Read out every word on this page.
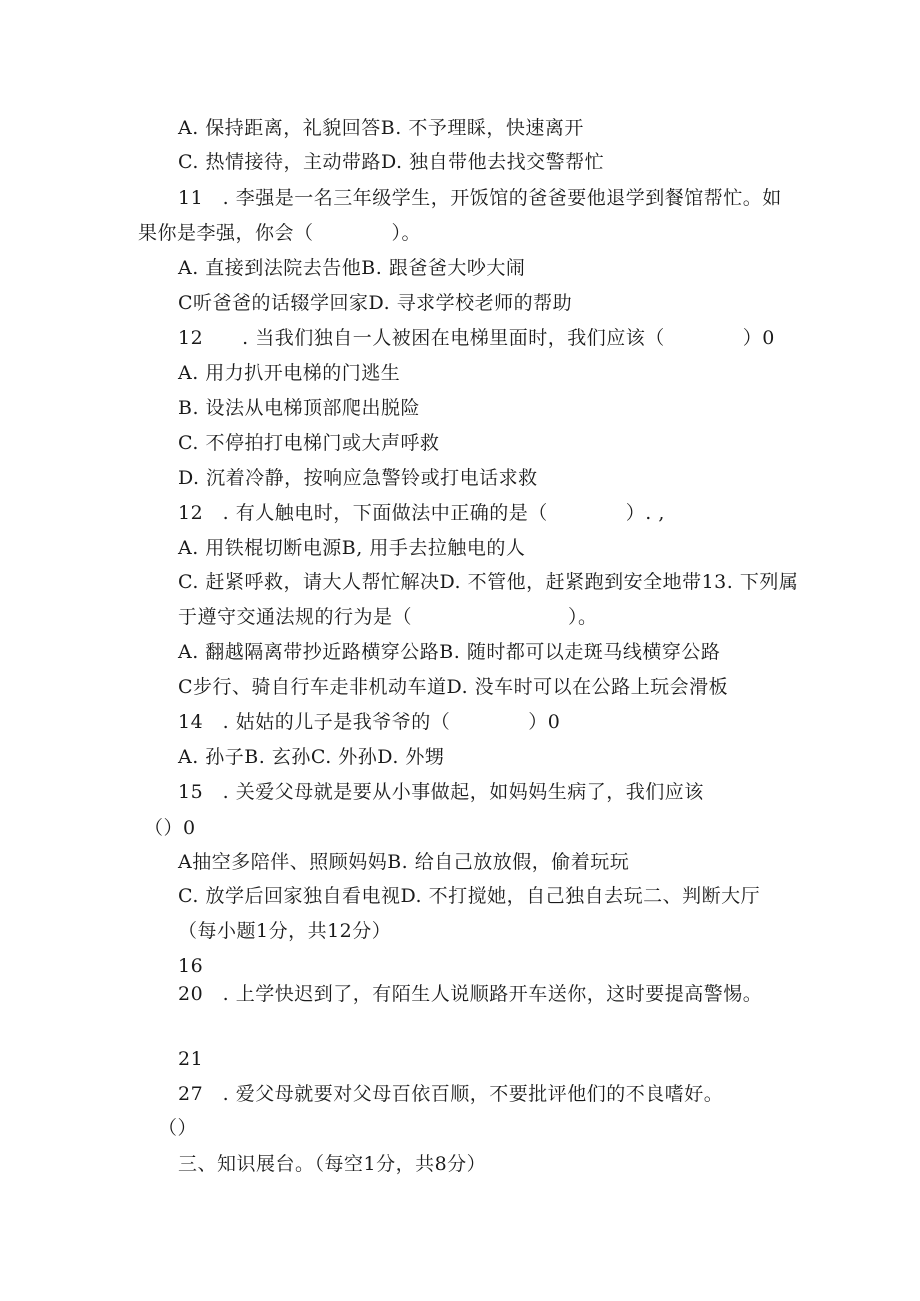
A. 保持距离，礼貌回答B. 不予理睬，快速离开
C. 热情接待，主动带路D. 独自带他去找交警帮忙
11　. 李强是一名三年级学生，开饭馆的爸爸要他退学到餐馆帮忙。如
果你是李强，你会（　　　　）。
A. 直接到法院去告他B. 跟爸爸大吵大闹
C听爸爸的话辍学回家D. 寻求学校老师的帮助
12　　. 当我们独自一人被困在电梯里面时，我们应该（　　　　）0
A. 用力扒开电梯的门逃生
B. 设法从电梯顶部爬出脱险
C. 不停拍打电梯门或大声呼救
D. 沉着冷静，按响应急警铃或打电话求救
12　. 有人触电时，下面做法中正确的是（　　　　）. ,
A. 用铁棍切断电源B, 用手去拉触电的人
C. 赶紧呼救，请大人帮忙解决D. 不管他，赶紧跑到安全地带13. 下列属
于遵守交通法规的行为是（　　　　　　　　）。
A. 翻越隔离带抄近路横穿公路B. 随时都可以走斑马线横穿公路
C步行、骑自行车走非机动车道D. 没车时可以在公路上玩会滑板
14　. 姑姑的儿子是我爷爷的（　　　　）0
A. 孙子B. 玄孙C. 外孙D. 外甥
15　. 关爱父母就是要从小事做起，如妈妈生病了，我们应该
（）0
A抽空多陪伴、照顾妈妈B. 给自己放放假，偷着玩玩
C. 放学后回家独自看电视D. 不打搅她，自己独自去玩二、判断大厅
（每小题1分，共12分）
16
20　. 上学快迟到了，有陌生人说顺路开车送你，这时要提高警惕。
21
27　. 爱父母就要对父母百依百顺，不要批评他们的不良嗜好。
（）
三、知识展台。（每空1分，共8分）
